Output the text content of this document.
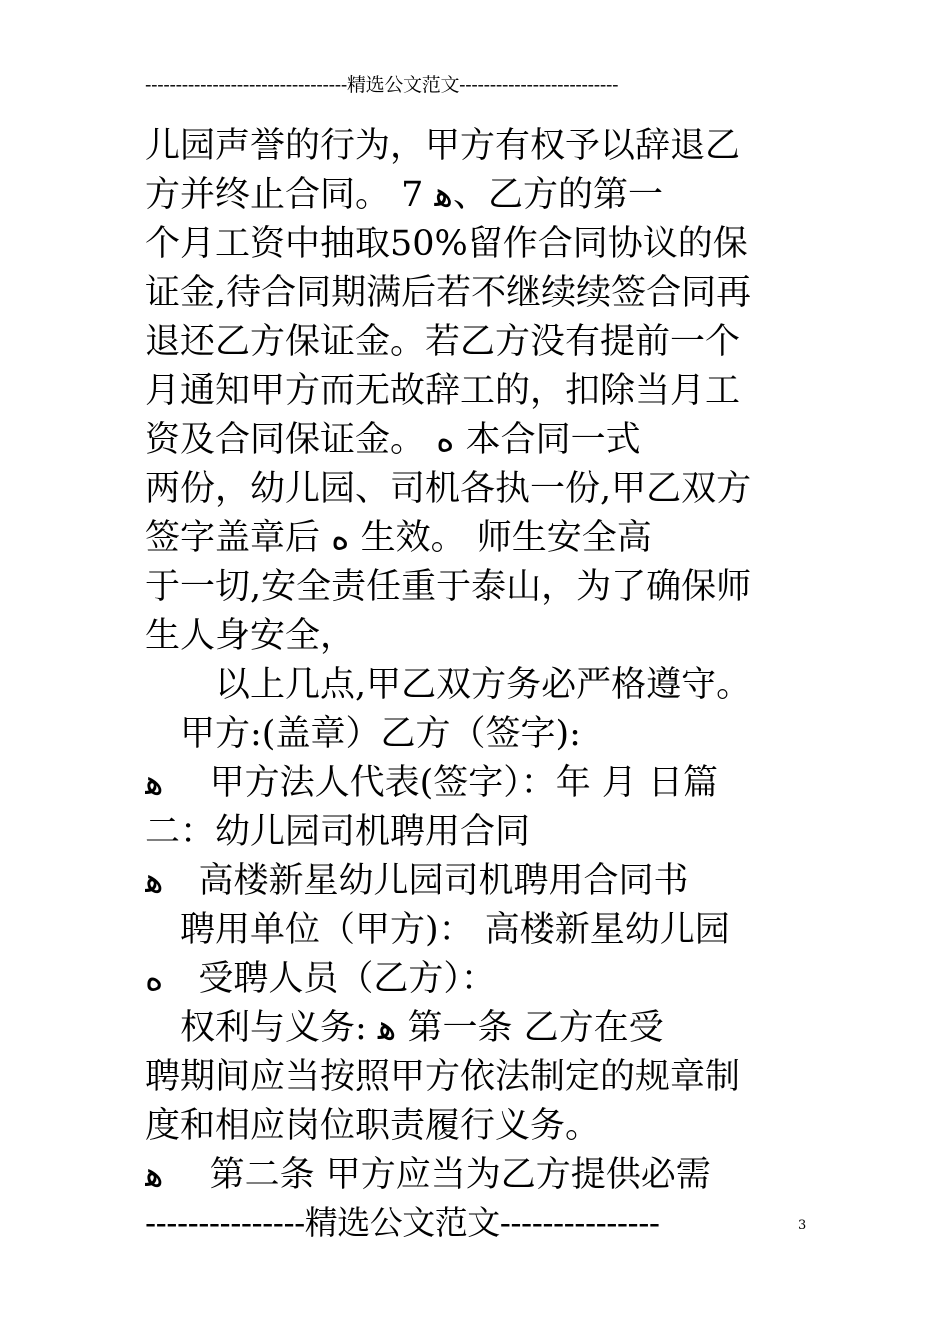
---------------------------------精选公文范文--------------------------
儿园声誉的行为，甲方有权予以辞退乙
方并终止合同。 7 ﻫ、乙方的第一
个月工资中抽取50%留作合同协议的保
证金,待合同期满后若不继续续签合同再
退还乙方保证金。若乙方没有提前一个
月通知甲方而无故辞工的，扣除当月工
资及合同保证金。 ﻩ 本合同一式
两份，幼儿园、司机各执一份,甲乙双方
签字盖章后 ﻩ 生效。 师生安全高
于一切,安全责任重于泰山，为了确保师
生人身安全，
　　以上几点,甲乙双方务必严格遵守。
　甲方:(盖章）乙方（签字):
ﻫ　 甲方法人代表(签字）：年 月 日篇
二：幼儿园司机聘用合同
ﻫ　高楼新星幼儿园司机聘用合同书
　聘用单位（甲方)： 高楼新星幼儿园
ﻩ　受聘人员（乙方）：
　权利与义务: ﻫ 第一条 乙方在受
聘期间应当按照甲方依法制定的规章制
度和相应岗位职责履行义务。
ﻫ　 第二条 甲方应当为乙方提供必需
---------------精选公文范文---------------	3
